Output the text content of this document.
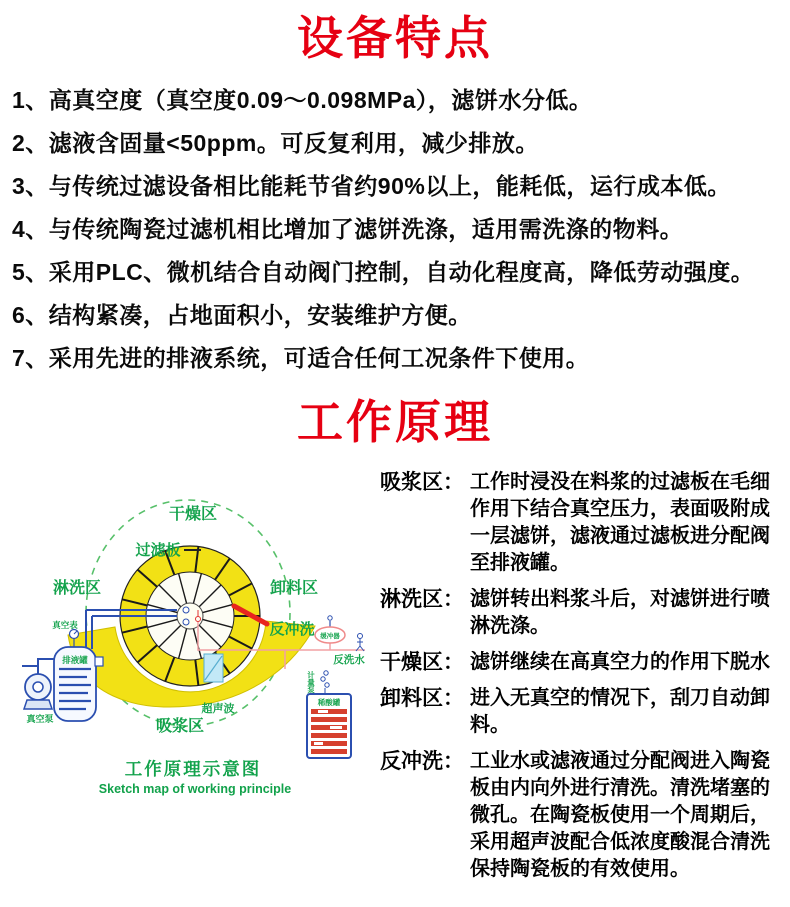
设备特点
1、高真空度（真空度0.09～0.098MPa），滤饼水分低。
2、滤液含固量<50ppm。可反复利用，减少排放。
3、与传统过滤设备相比能耗节省约90%以上，能耗低，运行成本低。
4、与传统陶瓷过滤机相比增加了滤饼洗涤，适用需洗涤的物料。
5、采用PLC、微机结合自动阀门控制，自动化程度高，降低劳动强度。
6、结构紧凑，占地面积小，安装维护方便。
7、采用先进的排液系统，可适合任何工况条件下使用。
工作原理
排液罐
真空表
真空泵
缓冲器
反洗水
计量泵
稀酸罐
干燥区
过滤板
淋洗区	卸料区
反冲洗
超声波
吸浆区
工作原理示意图
Sketch map of working principle
吸浆区： 工作时浸没在料浆的过滤板在毛细作用下结合真空压力，表面吸附成一层滤饼，滤液通过滤板进分配阀至排液罐。
淋洗区： 滤饼转出料浆斗后，对滤饼进行喷淋洗涤。
干燥区： 滤饼继续在高真空力的作用下脱水
卸料区： 进入无真空的情况下，刮刀自动卸料。
反冲洗： 工业水或滤液通过分配阀进入陶瓷板由内向外进行清洗。清洗堵塞的微孔。在陶瓷板使用一个周期后，采用超声波配合低浓度酸混合清洗保持陶瓷板的有效使用。
